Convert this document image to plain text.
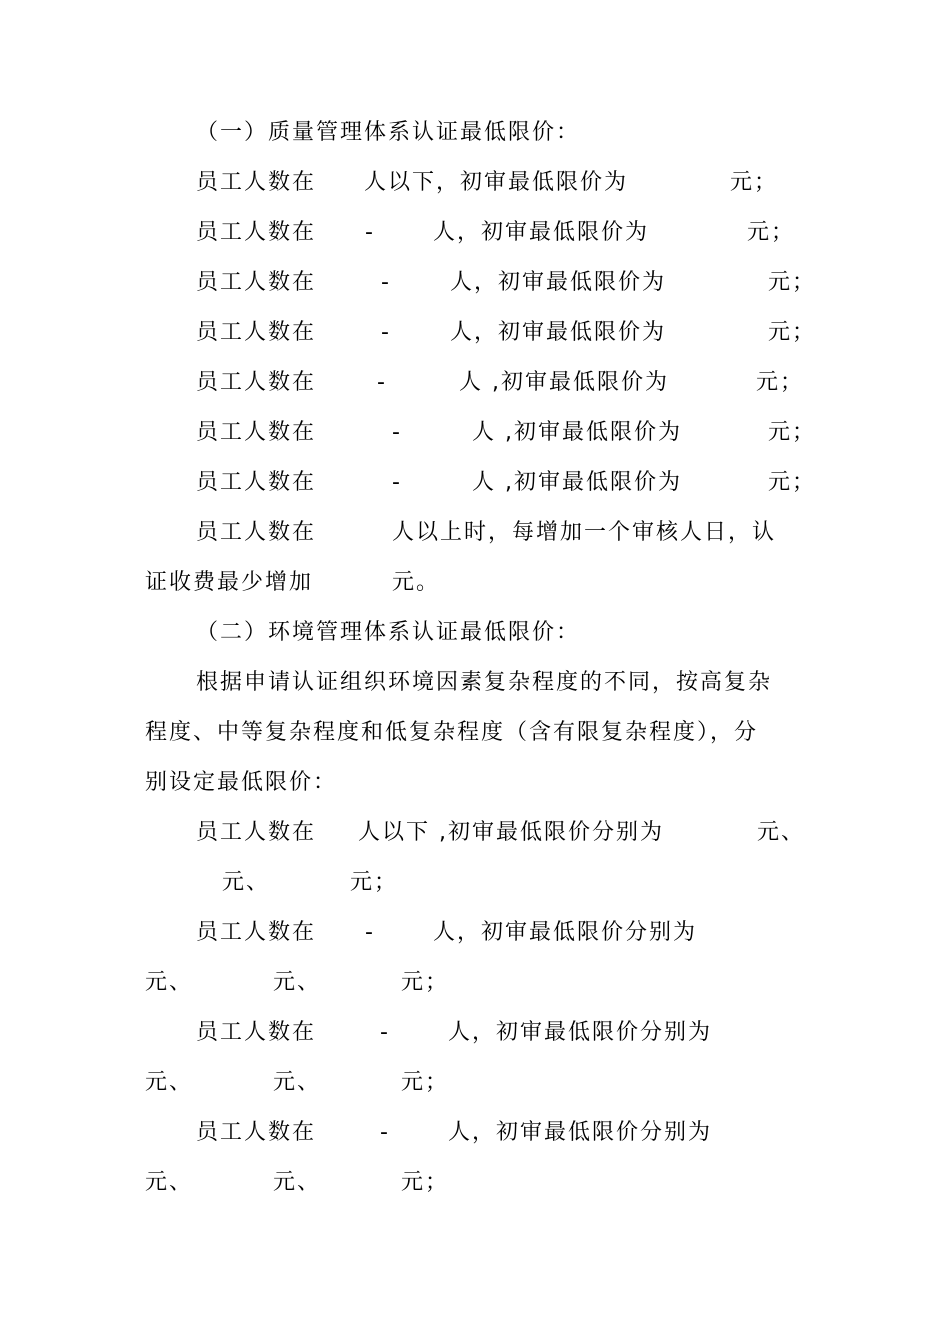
（一）质量管理体系认证最低限价：
员工人数在 人以下，初审最低限价为	元；
员工人数在 -	人，初审最低限价为	元；
员工人数在	-	人，初审最低限价为	元；
员工人数在	-	人，初审最低限价为	元；
员工人数在	-	人 ,初审最低限价为	元；
员工人数在	-	人 ,初审最低限价为	元；
员工人数在	-	人 ,初审最低限价为	元；
员工人数在	人以上时，每增加一个审核人日，认
证收费最少增加	元。
（二）环境管理体系认证最低限价：
根据申请认证组织环境因素复杂程度的不同，按高复杂
程度、中等复杂程度和低复杂程度（含有限复杂程度），分
别设定最低限价：
员工人数在 人以下 ,初审最低限价分别为	元、
元、	元；
员工人数在 -	人，初审最低限价分别为
元、	元、	元；
员工人数在	-	人，初审最低限价分别为
元、	元、	元；
员工人数在	-	人，初审最低限价分别为
元、	元、	元；
